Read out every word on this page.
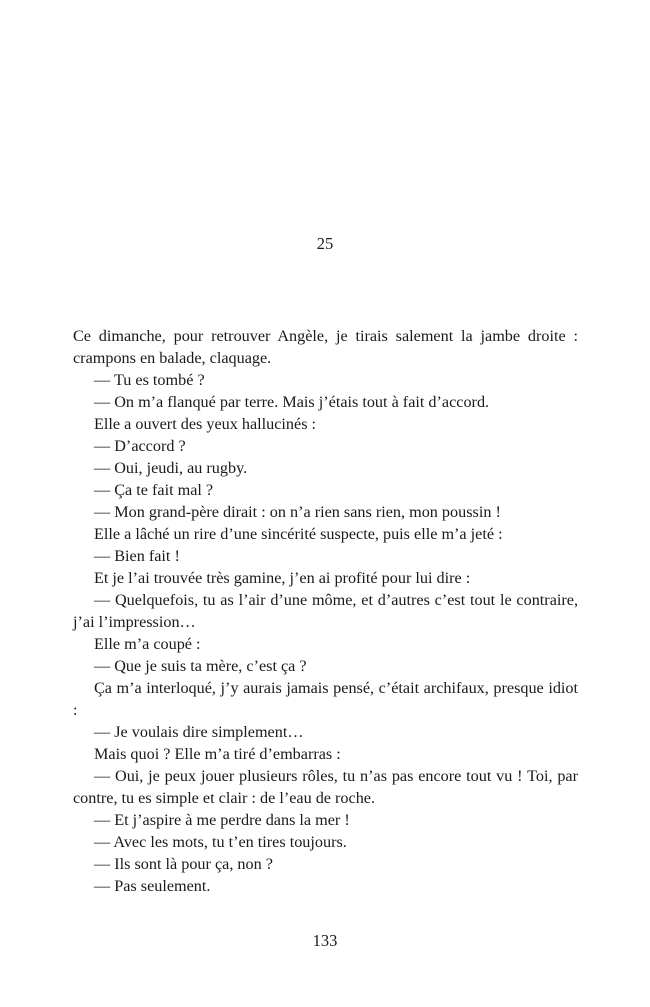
25

Ce dimanche, pour retrouver Angèle, je tirais salement la jambe droite : crampons en balade, claquage.

— Tu es tombé ?

— On m’a flanqué par terre. Mais j’étais tout à fait d’accord.

Elle a ouvert des yeux hallucinés :

— D’accord ?

— Oui, jeudi, au rugby.

— Ça te fait mal ?

— Mon grand-père dirait : on n’a rien sans rien, mon poussin !

Elle a lâché un rire d’une sincérité suspecte, puis elle m’a jeté :

— Bien fait !

Et je l’ai trouvée très gamine, j’en ai profité pour lui dire :

— Quelquefois, tu as l’air d’une môme, et d’autres c’est tout le contraire, j’ai l’impression…

Elle m’a coupé :

— Que je suis ta mère, c’est ça ?

Ça m’a interloqué, j’y aurais jamais pensé, c’était archifaux, presque idiot :

— Je voulais dire simplement…

Mais quoi ? Elle m’a tiré d’embarras :

— Oui, je peux jouer plusieurs rôles, tu n’as pas encore tout vu ! Toi, par contre, tu es simple et clair : de l’eau de roche.

— Et j’aspire à me perdre dans la mer !

— Avec les mots, tu t’en tires toujours.

— Ils sont là pour ça, non ?

— Pas seulement.

133
